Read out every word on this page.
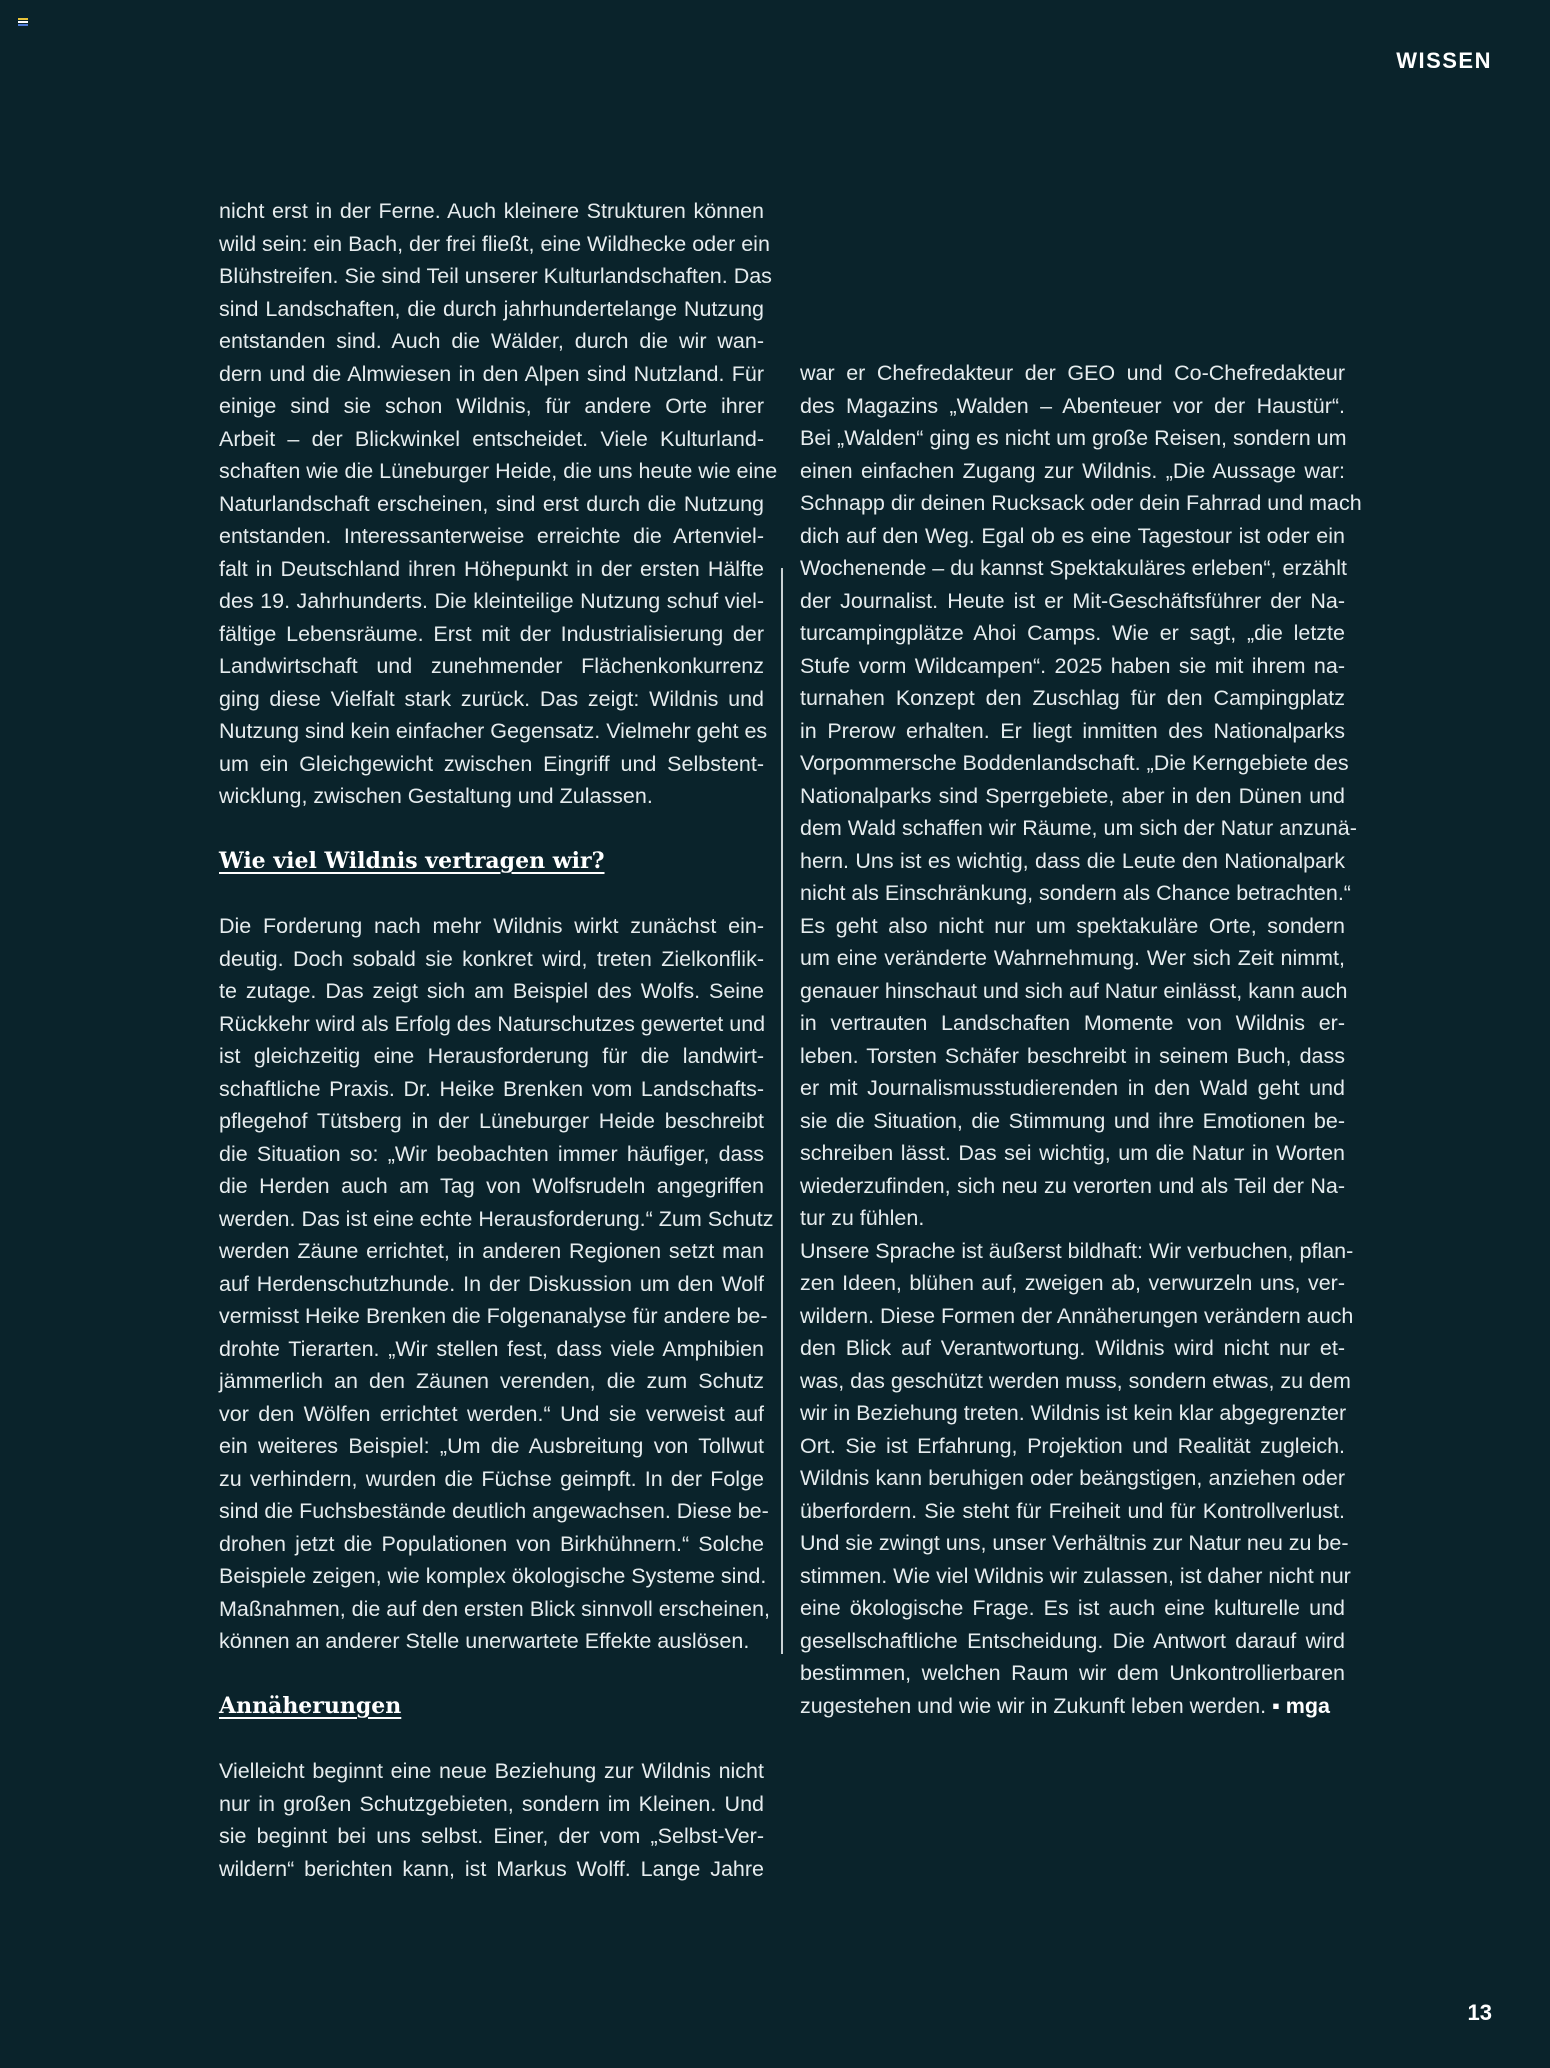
WISSEN
nicht erst in der Ferne. Auch kleinere Strukturen können
wild sein: ein Bach, der frei fließt, eine Wildhecke oder ein
Blühstreifen. Sie sind Teil unserer Kulturlandschaften. Das
sind Landschaften, die durch jahrhundertelange Nutzung
entstanden sind. Auch die Wälder, durch die wir wan-
dern und die Almwiesen in den Alpen sind Nutzland. Für
einige sind sie schon Wildnis, für andere Orte ihrer
Arbeit – der Blickwinkel entscheidet. Viele Kulturland-
schaften wie die Lüneburger Heide, die uns heute wie eine
Naturlandschaft erscheinen, sind erst durch die Nutzung
entstanden. Interessanterweise erreichte die Artenviel-
falt in Deutschland ihren Höhepunkt in der ersten Hälfte
des 19. Jahrhunderts. Die kleinteilige Nutzung schuf viel-
fältige Lebensräume. Erst mit der Industrialisierung der
Landwirtschaft und zunehmender Flächenkonkurrenz
ging diese Vielfalt stark zurück. Das zeigt: Wildnis und
Nutzung sind kein einfacher Gegensatz. Vielmehr geht es
um ein Gleichgewicht zwischen Eingriff und Selbstent-
wicklung, zwischen Gestaltung und Zulassen.
Wie viel Wildnis vertragen wir?
Die Forderung nach mehr Wildnis wirkt zunächst ein-
deutig. Doch sobald sie konkret wird, treten Zielkonflik-
te zutage. Das zeigt sich am Beispiel des Wolfs. Seine
Rückkehr wird als Erfolg des Naturschutzes gewertet und
ist gleichzeitig eine Herausforderung für die landwirt-
schaftliche Praxis. Dr. Heike Brenken vom Landschafts-
pflegehof Tütsberg in der Lüneburger Heide beschreibt
die Situation so: „Wir beobachten immer häufiger, dass
die Herden auch am Tag von Wolfsrudeln angegriffen
werden. Das ist eine echte Herausforderung.“ Zum Schutz
werden Zäune errichtet, in anderen Regionen setzt man
auf Herdenschutzhunde. In der Diskussion um den Wolf
vermisst Heike Brenken die Folgenanalyse für andere be-
drohte Tierarten. „Wir stellen fest, dass viele Amphibien
jämmerlich an den Zäunen verenden, die zum Schutz
vor den Wölfen errichtet werden.“ Und sie verweist auf
ein weiteres Beispiel: „Um die Ausbreitung von Tollwut
zu verhindern, wurden die Füchse geimpft. In der Folge
sind die Fuchsbestände deutlich angewachsen. Diese be-
drohen jetzt die Populationen von Birkhühnern.“ Solche
Beispiele zeigen, wie komplex ökologische Systeme sind.
Maßnahmen, die auf den ersten Blick sinnvoll erscheinen,
können an anderer Stelle unerwartete Effekte auslösen.
Annäherungen
Vielleicht beginnt eine neue Beziehung zur Wildnis nicht
nur in großen Schutzgebieten, sondern im Kleinen. Und
sie beginnt bei uns selbst. Einer, der vom „Selbst-Ver-
wildern“ berichten kann, ist Markus Wolff. Lange Jahre
war er Chefredakteur der GEO und Co-Chefredakteur
des Magazins „Walden – Abenteuer vor der Haustür“.
Bei „Walden“ ging es nicht um große Reisen, sondern um
einen einfachen Zugang zur Wildnis. „Die Aussage war:
Schnapp dir deinen Rucksack oder dein Fahrrad und mach
dich auf den Weg. Egal ob es eine Tagestour ist oder ein
Wochenende – du kannst Spektakuläres erleben“, erzählt
der Journalist. Heute ist er Mit-Geschäftsführer der Na-
turcampingplätze Ahoi Camps. Wie er sagt, „die letzte
Stufe vorm Wildcampen“. 2025 haben sie mit ihrem na-
turnahen Konzept den Zuschlag für den Campingplatz
in Prerow erhalten. Er liegt inmitten des Nationalparks
Vorpommersche Boddenlandschaft. „Die Kerngebiete des
Nationalparks sind Sperrgebiete, aber in den Dünen und
dem Wald schaffen wir Räume, um sich der Natur anzunä-
hern. Uns ist es wichtig, dass die Leute den Nationalpark
nicht als Einschränkung, sondern als Chance betrachten.“
Es geht also nicht nur um spektakuläre Orte, sondern
um eine veränderte Wahrnehmung. Wer sich Zeit nimmt,
genauer hinschaut und sich auf Natur einlässt, kann auch
in vertrauten Landschaften Momente von Wildnis er-
leben. Torsten Schäfer beschreibt in seinem Buch, dass
er mit Journalismusstudierenden in den Wald geht und
sie die Situation, die Stimmung und ihre Emotionen be-
schreiben lässt. Das sei wichtig, um die Natur in Worten
wiederzufinden, sich neu zu verorten und als Teil der Na-
tur zu fühlen.
Unsere Sprache ist äußerst bildhaft: Wir verbuchen, pflan-
zen Ideen, blühen auf, zweigen ab, verwurzeln uns, ver-
wildern. Diese Formen der Annäherungen verändern auch
den Blick auf Verantwortung. Wildnis wird nicht nur et-
was, das geschützt werden muss, sondern etwas, zu dem
wir in Beziehung treten. Wildnis ist kein klar abgegrenzter
Ort. Sie ist Erfahrung, Projektion und Realität zugleich.
Wildnis kann beruhigen oder beängstigen, anziehen oder
überfordern. Sie steht für Freiheit und für Kontrollverlust.
Und sie zwingt uns, unser Verhältnis zur Natur neu zu be-
stimmen. Wie viel Wildnis wir zulassen, ist daher nicht nur
eine ökologische Frage. Es ist auch eine kulturelle und
gesellschaftliche Entscheidung. Die Antwort darauf wird
bestimmen, welchen Raum wir dem Unkontrollierbaren
zugestehen und wie wir in Zukunft leben werden. ▪ mga
13
